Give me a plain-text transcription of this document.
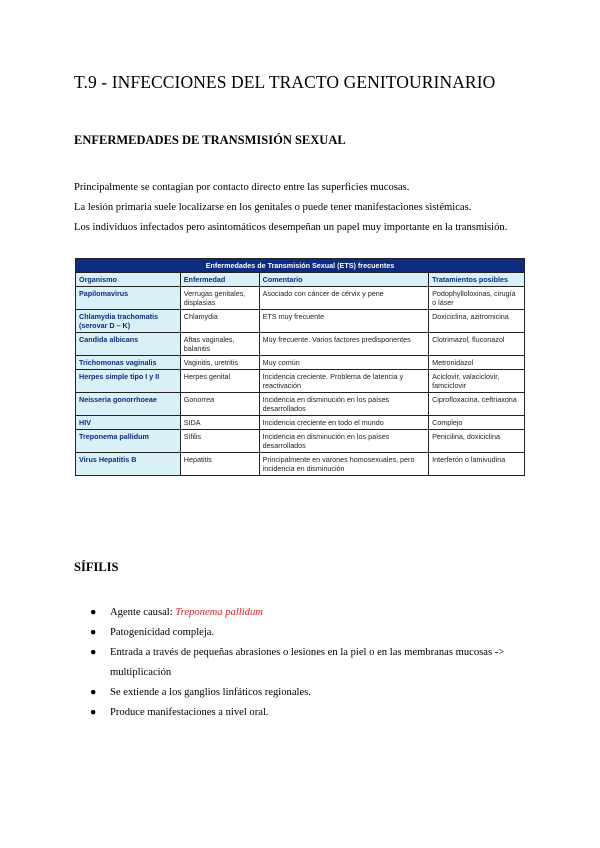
T.9 - INFECCIONES DEL TRACTO GENITOURINARIO
ENFERMEDADES DE TRANSMISIÓN SEXUAL
Principalmente se contagian por contacto directo entre las superficies mucosas.
La lesión primaria suele localizarse en los genitales o puede tener manifestaciones sistémicas.
Los individuos infectados pero asintomáticos desempeñan un papel muy importante en la transmisión.
Enfermedades de Transmisión Sexual (ETS) frecuentes			
Organismo	Enfermedad	Comentario	Tratamientos posibles
Papilomavirus	Verrugas genitales, displasias	Asociado con cáncer de cérvix y pene	Podophylloloxinas, cirugía o láser
Chlamydia trachomatis (serovar D – K)	Chlamydia	ETS muy frecuente	Doxiciclina, azitromicina
Candida albicans	Aftas vaginales, balanitis	Muy frecuente. Varios factores predisponentes	Clotrimazol, fluconazol
Trichomonas vaginalis	Vaginitis, uretritis	Muy común	Metronidazol
Herpes simple tipo I y II	Herpes genital	Incidencia creciente. Problema de latencia y reactivación	Aciclovir, valaciclovir, famciclovir
Neisseria gonorrhoeae	Gonorrea	Incidencia en disminución en los países desarrollados	Ciprofloxacina, ceftriaxona
HIV	SIDA	Incidencia creciente en todo el mundo	Complejo
Treponema pallidum	Sífilis	Incidencia en disminución en los países desarrollados	Penicilina, doxiciclina
Virus Hepatitis B	Hepatitis	Principalmente en varones homosexuales, pero incidencia en disminución	Interferón o lamivudina
SÍFILIS
● Agente causal: Treponema pallidum
● Patogenicidad compleja.
● Entrada a través de pequeñas abrasiones o lesiones en la piel o en las membranas mucosas -> multiplicación
● Se extiende a los ganglios linfáticos regionales.
● Produce manifestaciones a nivel oral.
